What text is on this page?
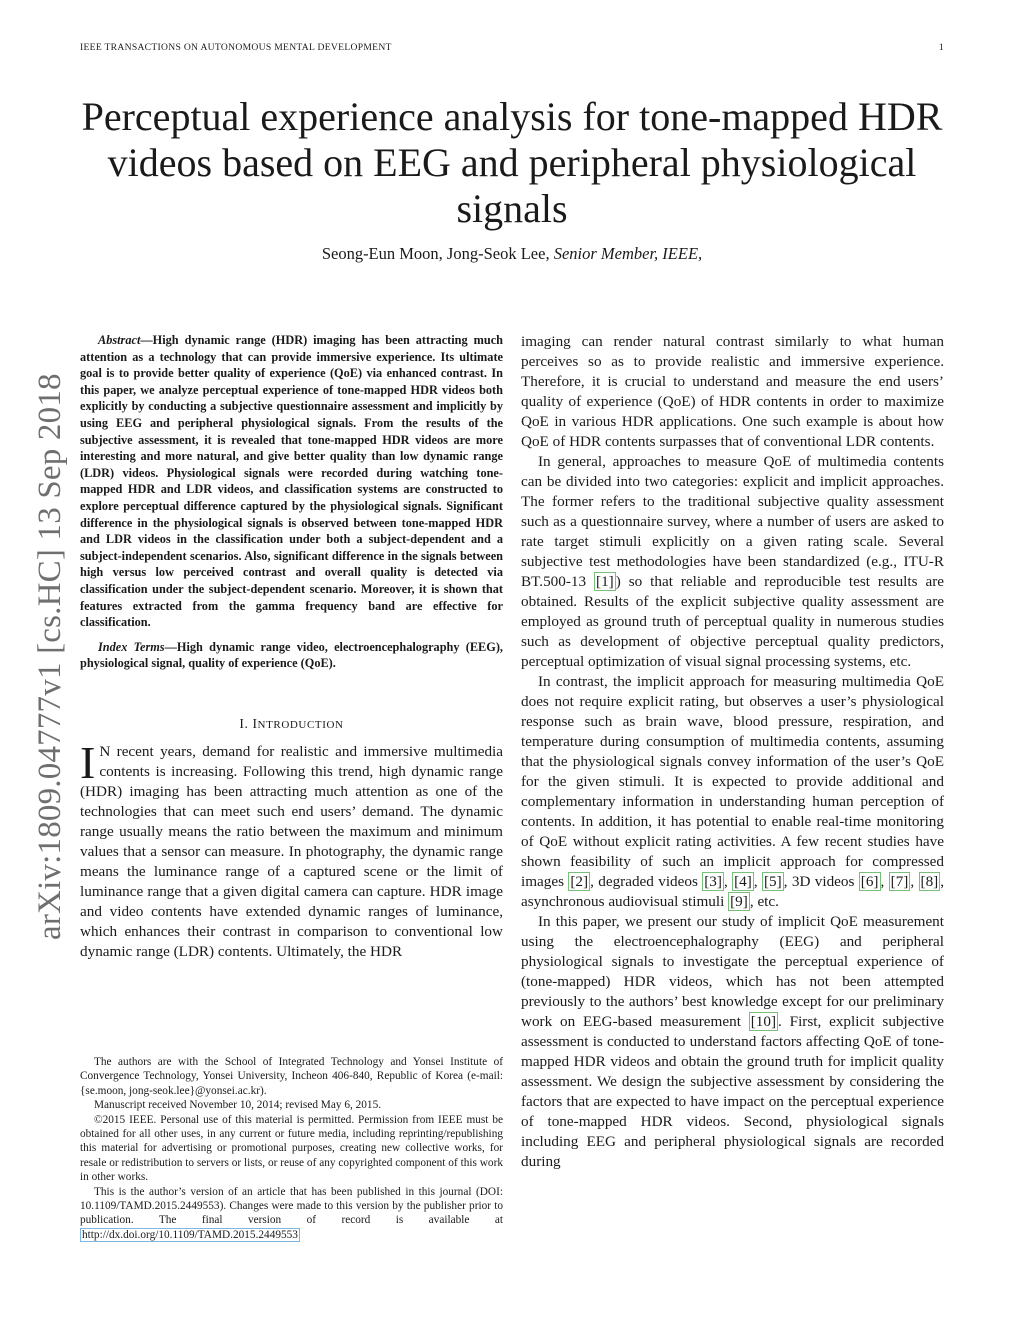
IEEE TRANSACTIONS ON AUTONOMOUS MENTAL DEVELOPMENT	1
Perceptual experience analysis for tone-mapped HDR videos based on EEG and peripheral physiological signals
Seong-Eun Moon, Jong-Seok Lee, Senior Member, IEEE,
arXiv:1809.04777v1 [cs.HC] 13 Sep 2018

Abstract—High dynamic range (HDR) imaging has been attracting much attention as a technology that can provide immersive experience. Its ultimate goal is to provide better quality of experience (QoE) via enhanced contrast. In this paper, we analyze perceptual experience of tone-mapped HDR videos both explicitly by conducting a subjective questionnaire assessment and implicitly by using EEG and peripheral physiological signals. From the results of the subjective assessment, it is revealed that tone-mapped HDR videos are more interesting and more natural, and give better quality than low dynamic range (LDR) videos. Physiological signals were recorded during watching tone-mapped HDR and LDR videos, and classification systems are constructed to explore perceptual difference captured by the physiological signals. Significant difference in the physiological signals is observed between tone-mapped HDR and LDR videos in the classification under both a subject-dependent and a subject-independent scenarios. Also, significant difference in the signals between high versus low perceived contrast and overall quality is detected via classification under the subject-dependent scenario. Moreover, it is shown that features extracted from the gamma frequency band are effective for classification.

Index Terms—High dynamic range video, electroencephalography (EEG), physiological signal, quality of experience (QoE).

I. INTRODUCTION

I N recent years, demand for realistic and immersive multimedia contents is increasing. Following this trend, high dynamic range (HDR) imaging has been attracting much attention as one of the technologies that can meet such end users’ demand. The dynamic range usually means the ratio between the maximum and minimum values that a sensor can measure. In photography, the dynamic range means the luminance range of a captured scene or the limit of luminance range that a given digital camera can capture. HDR image and video contents have extended dynamic ranges of luminance, which enhances their contrast in comparison to conventional low dynamic range (LDR) contents. Ultimately, the HDR

The authors are with the School of Integrated Technology and Yonsei Institute of Convergence Technology, Yonsei University, Incheon 406-840, Republic of Korea (e-mail: {se.moon, jong-seok.lee}@yonsei.ac.kr).

Manuscript received November 10, 2014; revised May 6, 2015.

©2015 IEEE. Personal use of this material is permitted. Permission from IEEE must be obtained for all other uses, in any current or future media, including reprinting/republishing this material for advertising or promotional purposes, creating new collective works, for resale or redistribution to servers or lists, or reuse of any copyrighted component of this work in other works.

This is the author’s version of an article that has been published in this journal (DOI: 10.1109/TAMD.2015.2449553). Changes were made to this version by the publisher prior to publication. The final version of record is available at http://dx.doi.org/10.1109/TAMD.2015.2449553

imaging can render natural contrast similarly to what human perceives so as to provide realistic and immersive experience. Therefore, it is crucial to understand and measure the end users’ quality of experience (QoE) of HDR contents in order to maximize QoE in various HDR applications. One such example is about how QoE of HDR contents surpasses that of conventional LDR contents.

In general, approaches to measure QoE of multimedia contents can be divided into two categories: explicit and implicit approaches. The former refers to the traditional subjective quality assessment such as a questionnaire survey, where a number of users are asked to rate target stimuli explicitly on a given rating scale. Several subjective test methodologies have been standardized (e.g., ITU-R BT.500-13 [1] ) so that reliable and reproducible test results are obtained. Results of the explicit subjective quality assessment are employed as ground truth of perceptual quality in numerous studies such as development of objective perceptual quality predictors, perceptual optimization of visual signal processing systems, etc.

In contrast, the implicit approach for measuring multimedia QoE does not require explicit rating, but observes a user’s physiological response such as brain wave, blood pressure, respiration, and temperature during consumption of multimedia contents, assuming that the physiological signals convey information of the user’s QoE for the given stimuli. It is expected to provide additional and complementary information in understanding human perception of contents. In addition, it has potential to enable real-time monitoring of QoE without explicit rating activities. A few recent studies have shown feasibility of such an implicit approach for compressed images [2] , degraded videos [3] , [4] , [5] , 3D videos [6] , [7] , [8] , asynchronous audiovisual stimuli [9] , etc.

In this paper, we present our study of implicit QoE measurement using the electroencephalography (EEG) and peripheral physiological signals to investigate the perceptual experience of (tone-mapped) HDR videos, which has not been attempted previously to the authors’ best knowledge except for our preliminary work on EEG-based measurement [10] . First, explicit subjective assessment is conducted to understand factors affecting QoE of tone-mapped HDR videos and obtain the ground truth for implicit quality assessment. We design the subjective assessment by considering the factors that are expected to have impact on the perceptual experience of tone-mapped HDR videos. Second, physiological signals including EEG and peripheral physiological signals are recorded during
